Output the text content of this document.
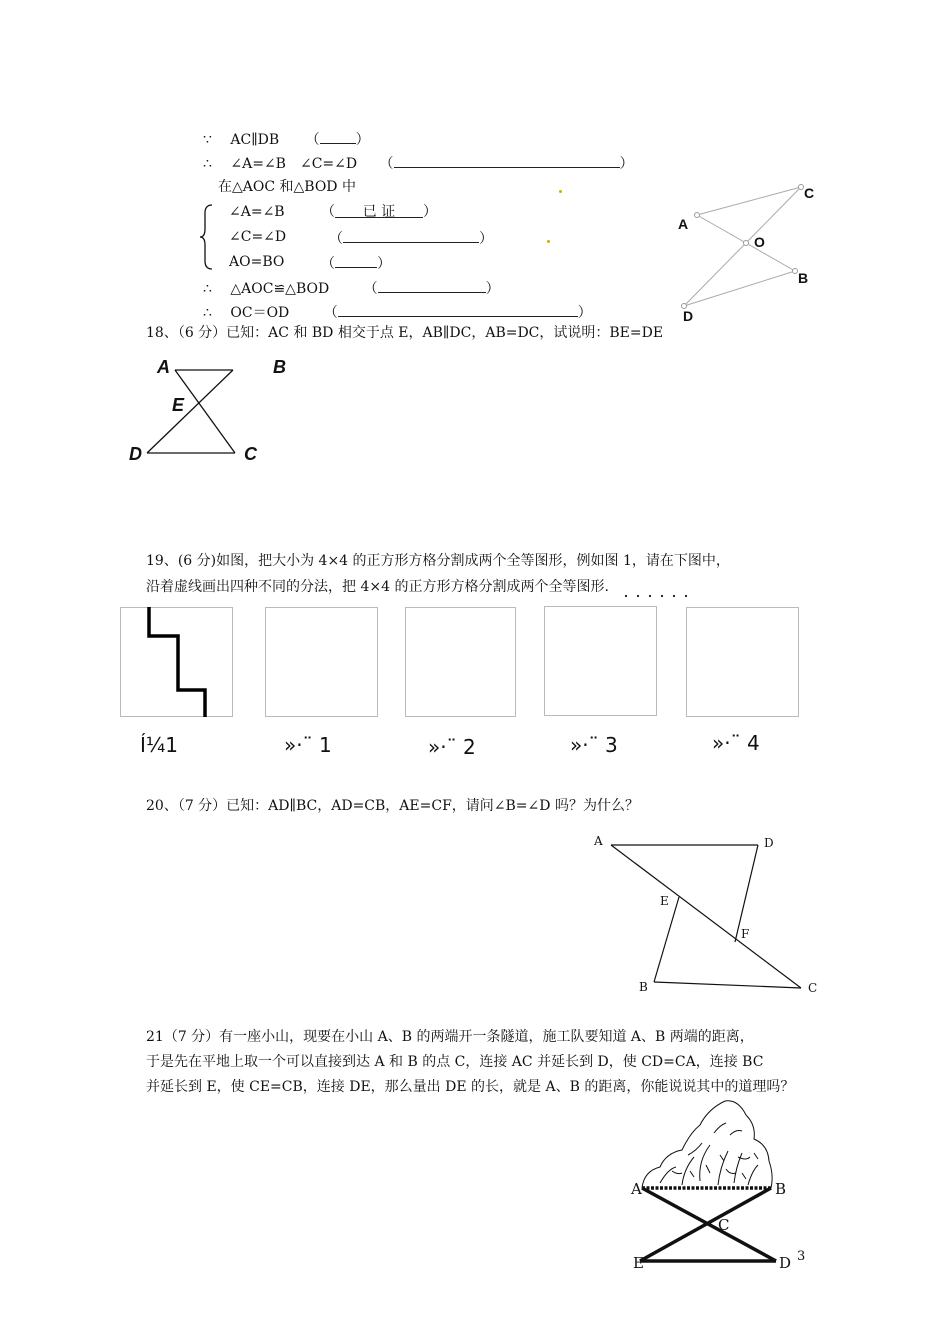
∵ AC∥DB （	）
∴ ∠A=∠B　∠C=∠D （	）
在△AOC 和△BOD 中
∠A=∠B	（ 已 证 ）
∠C=∠D	（	）
AO=BO	（	）
∴ △AOC≌△BOD （	）
∴ OC＝OD （	）
A
C
O
B
D
18、（6 分）已知：AC 和 BD 相交于点 E，AB∥DC，AB=DC，试说明：BE=DE
A	B
E
D	C
19、(6 分)如图，把大小为 4×4 的正方形方格分割成两个全等图形，例如图 1，请在下图中，
沿着虚线画出四种不同的分法，把 4×4 的正方形方格分割成两个全等图形.
Í¼1	»·¨ 1	»·¨ 2	»·¨ 3	»·¨ 4
20、（7 分）已知：AD∥BC，AD=CB，AE=CF，请问∠B=∠D 吗？为什么？
A	D
E
F
B	C
21（7 分）有一座小山，现要在小山 A、B 的两端开一条隧道，施工队要知道 A、B 两端的距离，
于是先在平地上取一个可以直接到达 A 和 B 的点 C，连接 AC 并延长到 D，使 CD=CA，连接 BC
并延长到 E，使 CE=CB，连接 DE，那么量出 DE 的长，就是 A、B 的距离，你能说说其中的道理吗？
A	B
C
E	D 3
